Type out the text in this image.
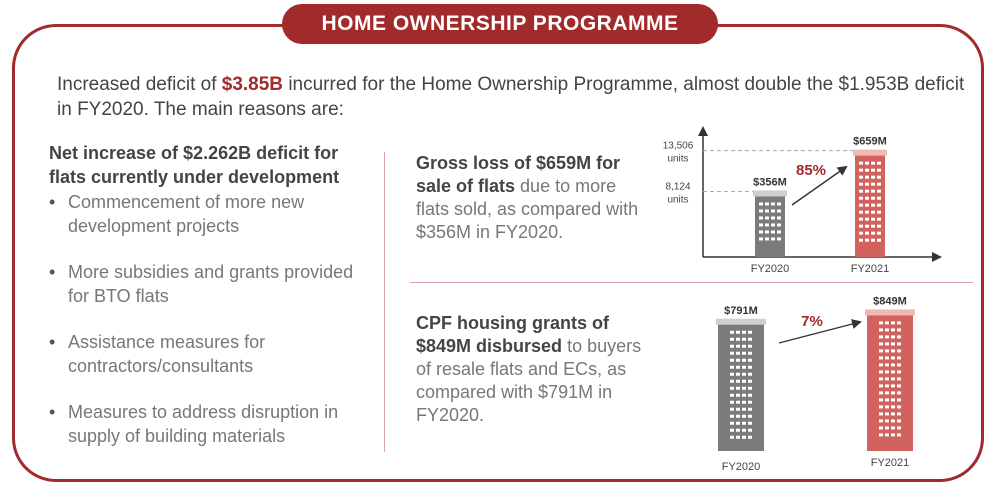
HOME OWNERSHIP PROGRAMME
Increased deficit of $3.85B incurred for the Home Ownership Programme, almost double the $1.953B deficit in FY2020. The main reasons are:
Net increase of $2.262B deficit for flats currently under development
• Commencement of more new development projects
• More subsidies and grants provided for BTO flats
• Assistance measures for contractors/consultants
• Measures to address disruption in supply of building materials
Gross loss of $659M for sale of flats due to more flats sold, as compared with $356M in FY2020.
CPF housing grants of $849M disbursed to buyers of resale flats and ECs, as compared with $791M in FY2020.
8,124
units
$356M
FY2020
13,506
units
$659M
FY2021
85%
$791M
FY2020
$849M
FY2021
7%
